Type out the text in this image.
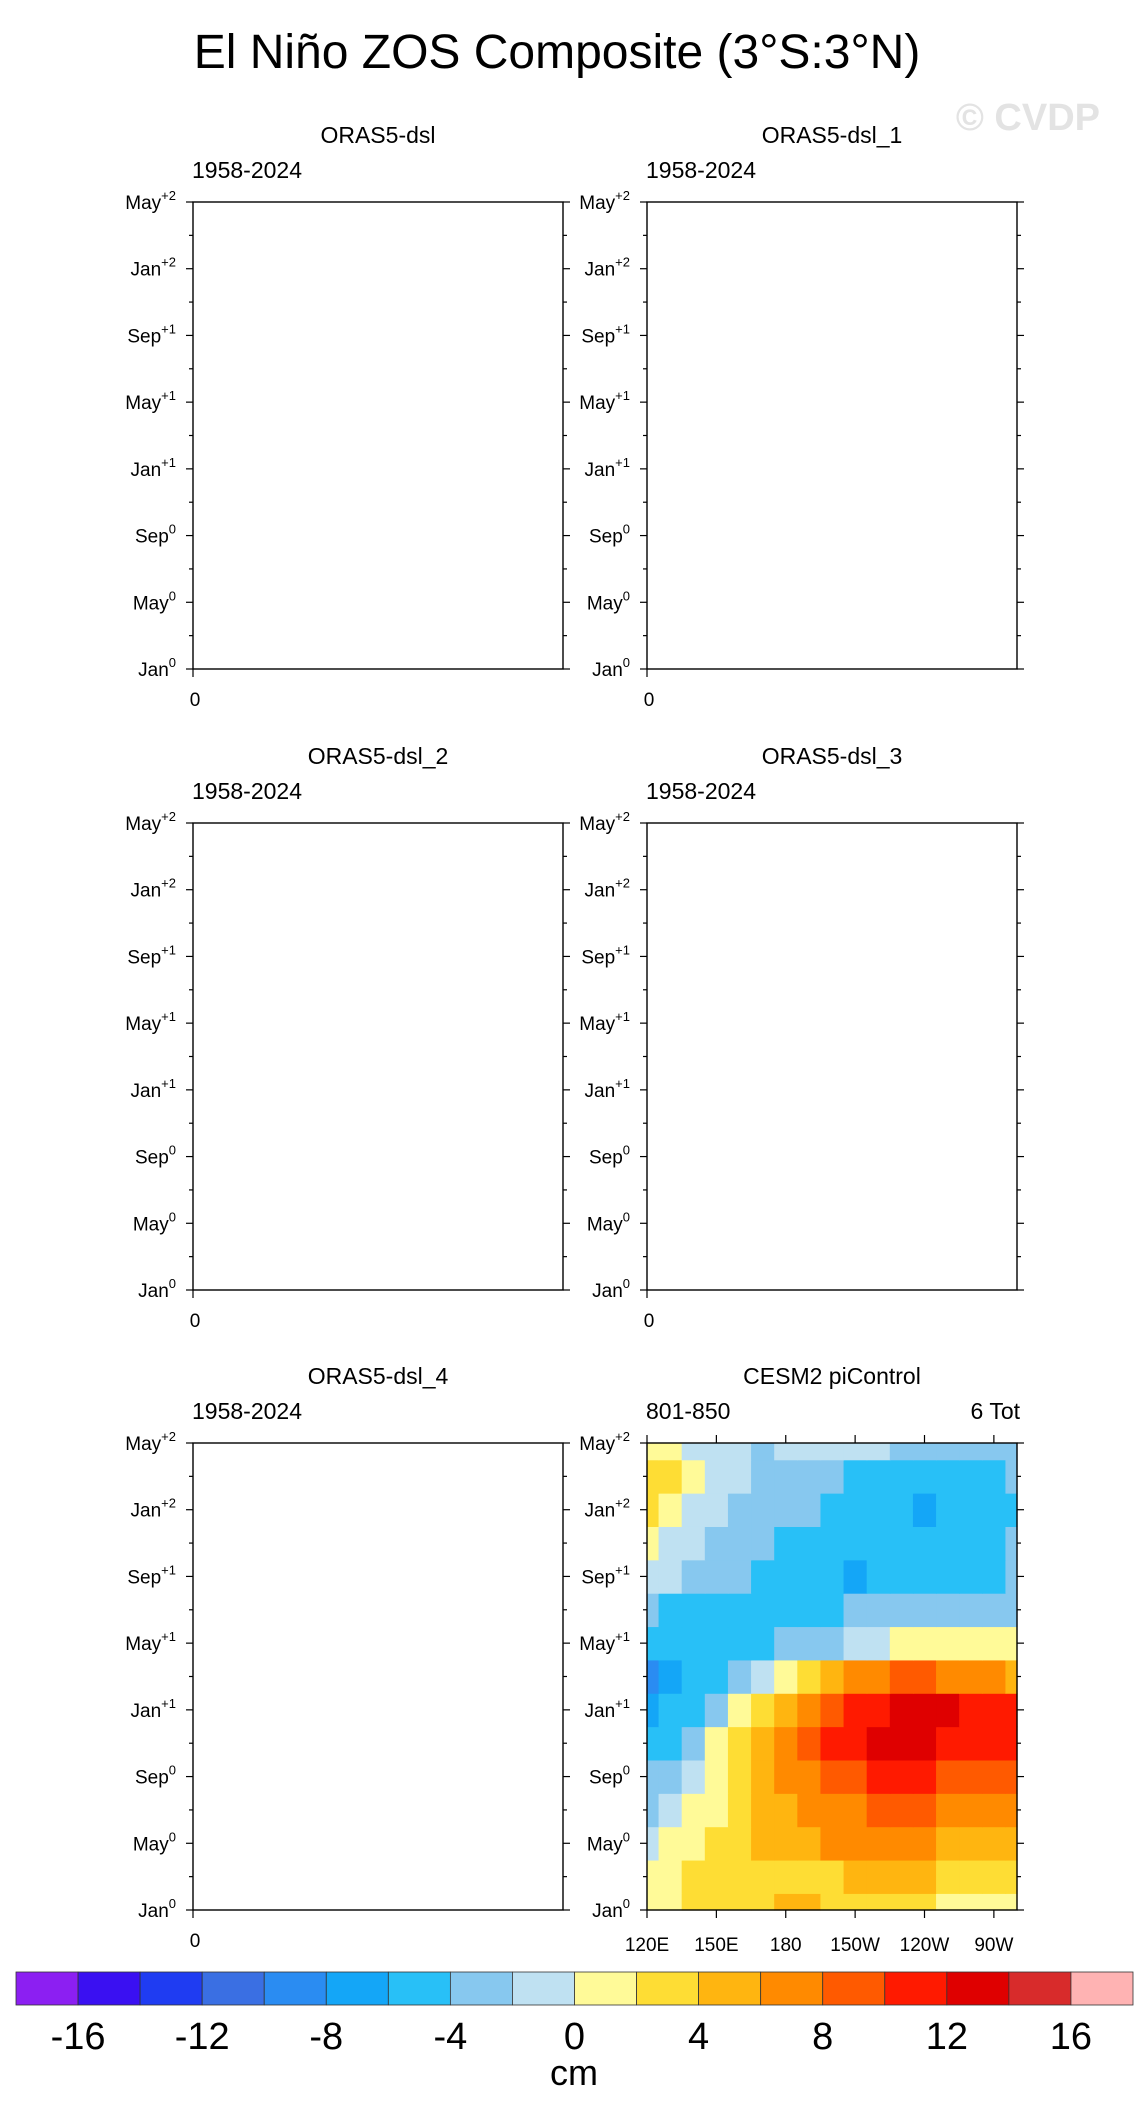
El Niño ZOS Composite (3°S:3°N)
© CVDP
ORAS5-dsl
1958-2024
Jan$^0$
May$^0$
Sep$^0$
Jan$^{+1}$
May$^{+1}$
Sep$^{+1}$
Jan$^{+2}$
May$^{+2}$
0
ORAS5-dsl_1
1958-2024
Jan$^0$
May$^0$
Sep$^0$
Jan$^{+1}$
May$^{+1}$
Sep$^{+1}$
Jan$^{+2}$
May$^{+2}$
0
ORAS5-dsl_2
1958-2024
Jan$^0$
May$^0$
Sep$^0$
Jan$^{+1}$
May$^{+1}$
Sep$^{+1}$
Jan$^{+2}$
May$^{+2}$
0
ORAS5-dsl_3
1958-2024
Jan$^0$
May$^0$
Sep$^0$
Jan$^{+1}$
May$^{+1}$
Sep$^{+1}$
Jan$^{+2}$
May$^{+2}$
0
ORAS5-dsl_4
1958-2024
Jan$^0$
May$^0$
Sep$^0$
Jan$^{+1}$
May$^{+1}$
Sep$^{+1}$
Jan$^{+2}$
May$^{+2}$
0
CESM2 piControl
801-850	6 Tot
Jan$^0$
May$^0$
Sep$^0$
Jan$^{+1}$
May$^{+1}$
Sep$^{+1}$
Jan$^{+2}$
May$^{+2}$
120E 150E 180 150W 120W 90W
-16 -12 -8 -4	0	4	8 12 16
cm
